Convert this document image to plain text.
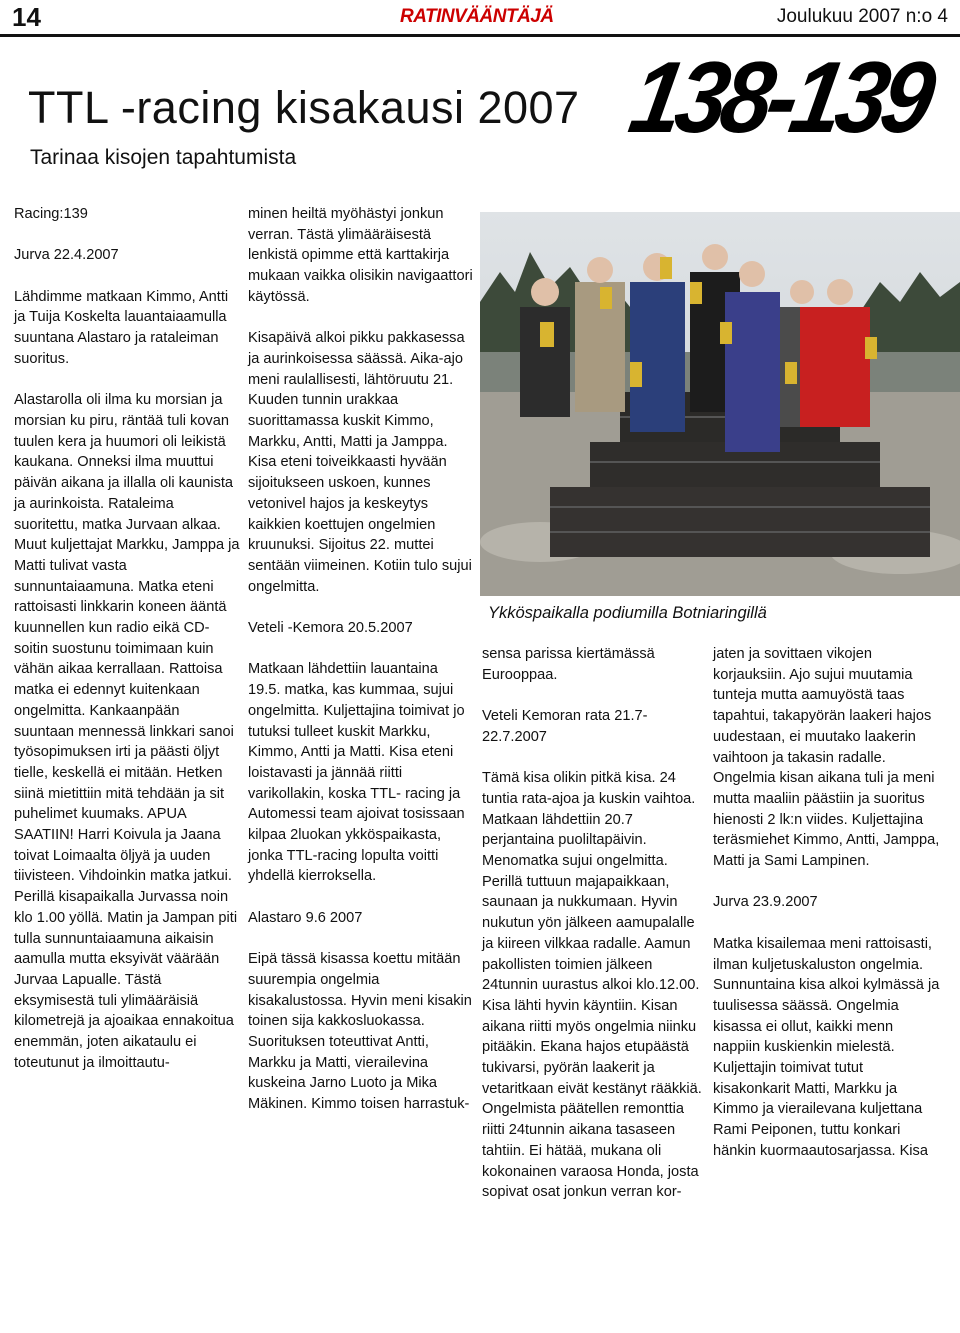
14	RATINVÄÄNTÄJÄ	Joulukuu 2007 n:o 4
TTL -racing kisakausi 2007
Tarinaa kisojen tapahtumista
138-139

Racing:139

Jurva 22.4.2007

Lähdimme matkaan Kimmo, Antti ja Tuija Koskelta lauantaiaamulla suuntana Alastaro ja rataleiman suoritus.

Alastarolla oli ilma ku morsian ja morsian ku piru, räntää tuli kovan tuulen kera ja huumori oli leikistä kaukana. Onneksi ilma muuttui päivän aikana ja illalla oli kaunista ja aurinkoista. Rataleima suoritettu, matka Jurvaan alkaa. Muut kuljettajat Markku, Jamppa ja Matti tulivat vasta sunnuntaiaamuna. Matka eteni rattoisasti linkkarin koneen ääntä kuunnellen kun radio eikä CD-soitin suostunu toimimaan kuin vähän aikaa kerrallaan. Rattoisa matka ei edennyt kuitenkaan ongelmitta. Kankaanpään suuntaan mennessä linkkari sanoi työsopimuksen irti ja päästi öljyt tielle, keskellä ei mitään. Hetken siinä mietittiin mitä tehdään ja sit puhelimet kuumaks. APUA SAATIIN! Harri Koivula ja Jaana toivat Loimaalta öljyä ja uuden tiivisteen. Vihdoinkin matka jatkui. Perillä kisapaikalla Jurvassa noin klo 1.00 yöllä. Matin ja Jampan piti tulla sunnuntaiaamuna aikaisin aamulla mutta eksyivät väärään Jurvaa Lapualle. Tästä eksymisestä tuli ylimääräisiä kilometrejä ja ajoaikaa ennakoitua enemmän, joten aikataulu ei toteutunut ja ilmoittautu-

minen heiltä myöhästyi jonkun verran. Tästä ylimääräisestä lenkistä opimme että karttakirja mukaan vaikka olisikin navigaattori käytössä.

Kisapäivä alkoi pikku pakkasessa ja aurinkoisessa säässä. Aika-ajo meni raulallisesti, lähtöruutu 21. Kuuden tunnin urakkaa suorittamassa kuskit Kimmo, Markku, Antti, Matti ja Jamppa. Kisa eteni toiveikkaasti hyvään sijoitukseen uskoen, kunnes vetonivel hajos ja keskeytys kaikkien koettujen ongelmien kruunuksi. Sijoitus 22. muttei sentään viimeinen. Kotiin tulo sujui ongelmitta.

Veteli -Kemora 20.5.2007

Matkaan lähdettiin lauantaina 19.5. matka, kas kummaa, sujui ongelmitta. Kuljettajina toimivat jo tutuksi tulleet kuskit Markku, Kimmo, Antti ja Matti. Kisa eteni loistavasti ja jännää riitti varikollakin, koska TTL- racing ja Automessi team ajoivat tosissaan kilpaa 2luokan ykköspaikasta, jonka TTL-racing lopulta voitti yhdellä kierroksella.

Alastaro 9.6 2007

Eipä tässä kisassa koettu mitään suurempia ongelmia kisakalustossa. Hyvin meni kisakin toinen sija kakkosluokassa. Suorituksen toteuttivat Antti, Markku ja Matti, vierailevina kuskeina Jarno Luoto ja Mika Mäkinen. Kimmo toisen harrastuk-

Ykköspaikalla podiumilla Botniaringillä

sensa parissa kiertämässä Eurooppaa.

Veteli Kemoran rata 21.7-22.7.2007

Tämä kisa olikin pitkä kisa. 24 tuntia rata-ajoa ja kuskin vaihtoa. Matkaan lähdettiin 20.7 perjantaina puoliltapäivin. Menomatka sujui ongelmitta. Perillä tuttuun majapaikkaan, saunaan ja nukkumaan. Hyvin nukutun yön jälkeen aamupalalle ja kiireen vilkkaa radalle. Aamun pakollisten toimien jälkeen 24tunnin uurastus alkoi klo.12.00. Kisa lähti hyvin käyntiin. Kisan aikana riitti myös ongelmia niinku pitääkin. Ekana hajos etupäästä tukivarsi, pyörän laakerit ja vetaritkaan eivät kestänyt rääkkiä. Ongelmista päätellen remonttia riitti 24tunnin aikana tasaseen tahtiin. Ei hätää, mukana oli kokonainen varaosa Honda, josta sopivat osat jonkun verran kor-

jaten ja sovittaen vikojen korjauksiin. Ajo sujui muutamia tunteja mutta aamuyöstä taas tapahtui, takapyörän laakeri hajos uudestaan, ei muutako laakerin vaihtoon ja takasin radalle. Ongelmia kisan aikana tuli ja meni mutta maaliin päästiin ja suoritus hienosti 2 lk:n viides. Kuljettajina teräsmiehet Kimmo, Antti, Jamppa, Matti ja Sami Lampinen.

Jurva 23.9.2007

Matka kisailemaa meni rattoisasti, ilman kuljetuskaluston ongelmia. Sunnuntaina kisa alkoi kylmässä ja tuulisessa säässä. Ongelmia kisassa ei ollut, kaikki menn nappiin kuskienkin mielestä. Kuljettajin toimivat tutut kisakonkarit Matti, Markku ja Kimmo ja vierailevana kuljettana Rami Peiponen, tuttu konkari hänkin kuormaautosarjassa. Kisa
